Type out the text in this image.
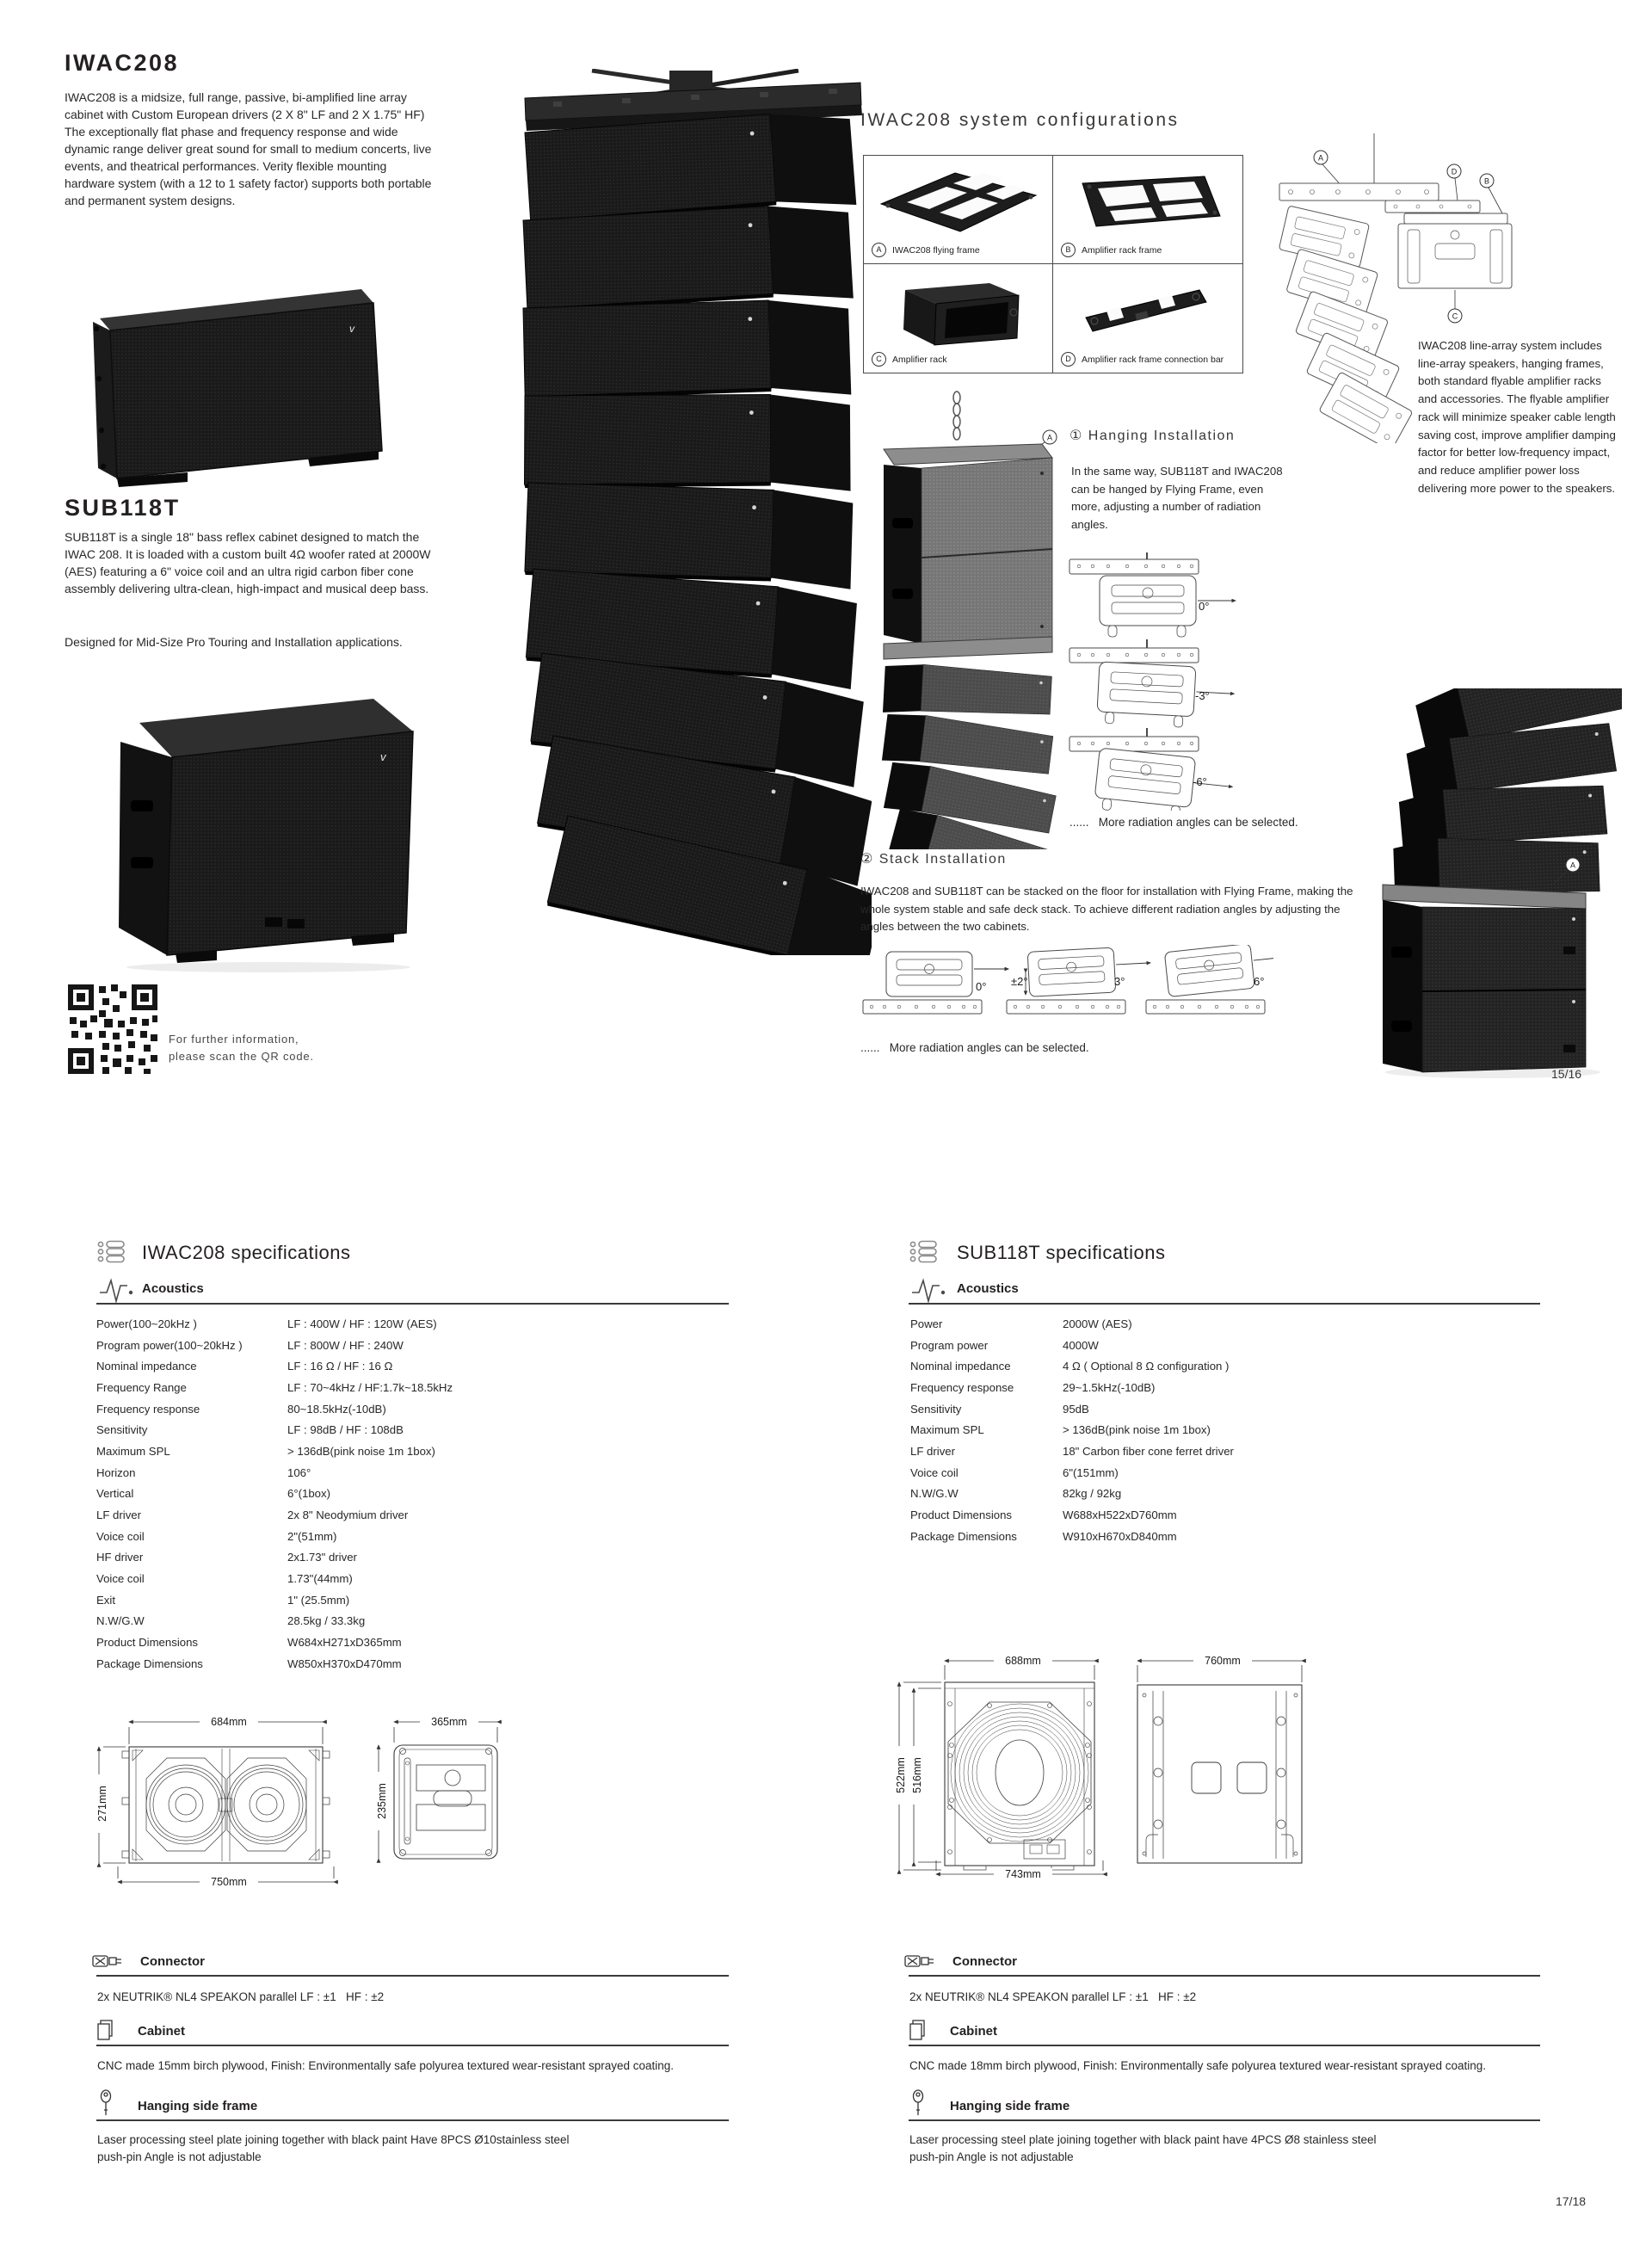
IWAC208
IWAC208 is a midsize, full range, passive, bi-amplified line array cabinet with Custom European drivers (2 X 8" LF and 2 X 1.75" HF) The exceptionally flat phase and frequency response and wide dynamic range deliver great sound for small to medium concerts, live events, and theatrical performances. Verity flexible mounting hardware system (with a 12 to 1 safety factor) supports both portable and permanent system designs.
v
SUB118T
SUB118T is a single 18" bass reflex cabinet designed to match the IWAC 208. It is loaded with a custom built 4Ω woofer rated at 2000W (AES) featuring a 6" voice coil and an ultra rigid carbon fiber cone assembly delivering ultra-clean, high-impact and musical deep bass.
Designed for Mid-Size Pro Touring and Installation applications.
v
For further information,
please scan the QR code.
IWAC208 system configurations
A	IWAC208 flying frame	B	Amplifier rack frame
C	Amplifier rack	D	Amplifier rack frame connection bar
A
D
B
C
IWAC208 line-array system includes line-array speakers, hanging frames, both standard flyable amplifier racks and accessories. The flyable amplifier rack will minimize speaker cable length saving cost, improve amplifier damping factor for better low-frequency impact, and reduce amplifier power loss delivering more power to the speakers.
① Hanging Installation
In the same way, SUB118T and IWAC208 can be hanged by Flying Frame, even more, adjusting a number of radiation angles.
A
0°
-3°
-6°
......   More radiation angles can be selected.
② Stack Installation
IWAC208 and SUB118T can be stacked on the floor for installation with Flying Frame, making the whole system stable and safe deck stack. To achieve different radiation angles by adjusting the angles between the two cabinets.
0° ±2°	3°	6°
......   More radiation angles can be selected.
A
15/16
IWAC208 specifications
Acoustics
Power(100~20kHz )	LF : 400W / HF : 120W (AES)
Program power(100~20kHz )	LF : 800W / HF : 240W
Nominal impedance	LF : 16 Ω / HF : 16 Ω
Frequency Range	LF : 70~4kHz / HF:1.7k~18.5kHz
Frequency response	80~18.5kHz(-10dB)
Sensitivity	LF : 98dB / HF : 108dB
Maximum SPL	> 136dB(pink noise 1m 1box)
Horizon	106°
Vertical	6°(1box)
LF driver	2x 8" Neodymium driver
Voice coil	2"(51mm)
HF driver	2x1.73" driver
Voice coil	1.73"(44mm)
Exit	1" (25.5mm)
N.W/G.W	28.5kg / 33.3kg
Product Dimensions	W684xH271xD365mm
Package Dimensions	W850xH370xD470mm
684mm	365mm
271mm	235mm
750mm
Connector
2x NEUTRIK® NL4 SPEAKON parallel LF : ±1   HF : ±2
Cabinet
CNC made 15mm birch plywood, Finish: Environmentally safe polyurea textured wear-resistant sprayed coating.
Hanging side frame
Laser processing steel plate joining together with black paint Have 8PCS Ø10stainless steel
push-pin Angle is not adjustable
SUB118T specifications
Acoustics
Power	2000W (AES)
Program power	4000W
Nominal impedance	4 Ω ( Optional 8 Ω configuration )
Frequency response	29~1.5kHz(-10dB)
Sensitivity	95dB
Maximum SPL	> 136dB(pink noise 1m 1box)
LF driver	18" Carbon fiber cone ferret driver
Voice coil	6"(151mm)
N.W/G.W	82kg / 92kg
Product Dimensions	W688xH522xD760mm
Package Dimensions	W910xH670xD840mm
688mm	760mm
522mm 516mm
743mm
Connector
2x NEUTRIK® NL4 SPEAKON parallel LF : ±1   HF : ±2
Cabinet
CNC made 18mm birch plywood, Finish: Environmentally safe polyurea textured wear-resistant sprayed coating.
Hanging side frame
Laser processing steel plate joining together with black paint have 4PCS Ø8 stainless steel
push-pin Angle is not adjustable
17/18
